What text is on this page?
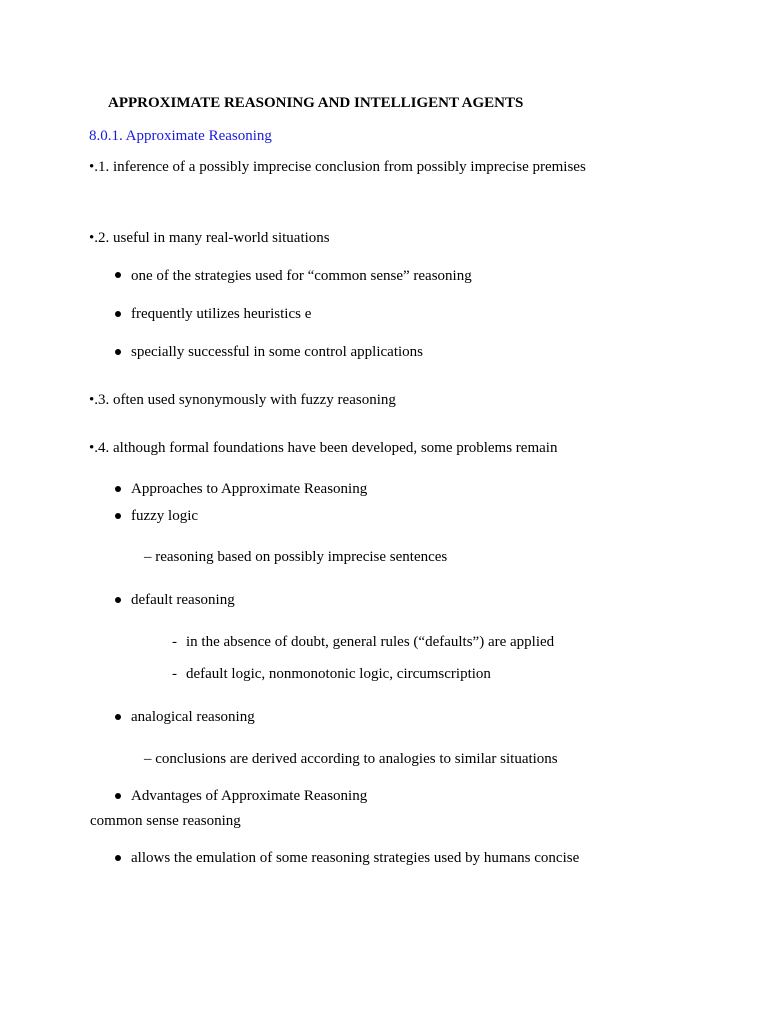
APPROXIMATE REASONING AND INTELLIGENT AGENTS
8.0.1. Approximate Reasoning
•.1. inference of a possibly imprecise conclusion from possibly imprecise premises
•.2. useful in many real-world situations
one of the strategies used for “common sense” reasoning
frequently utilizes heuristics e
specially successful in some control applications
•.3. often used synonymously with fuzzy reasoning
•.4. although formal foundations have been developed, some problems remain
Approaches to Approximate Reasoning
fuzzy logic
– reasoning based on possibly imprecise sentences
default reasoning
- in the absence of doubt, general rules (“defaults”) are applied
- default logic, nonmonotonic logic, circumscription
analogical reasoning
– conclusions are derived according to analogies to similar situations
Advantages of Approximate Reasoning
common sense reasoning
allows the emulation of some reasoning strategies used by humans concise
